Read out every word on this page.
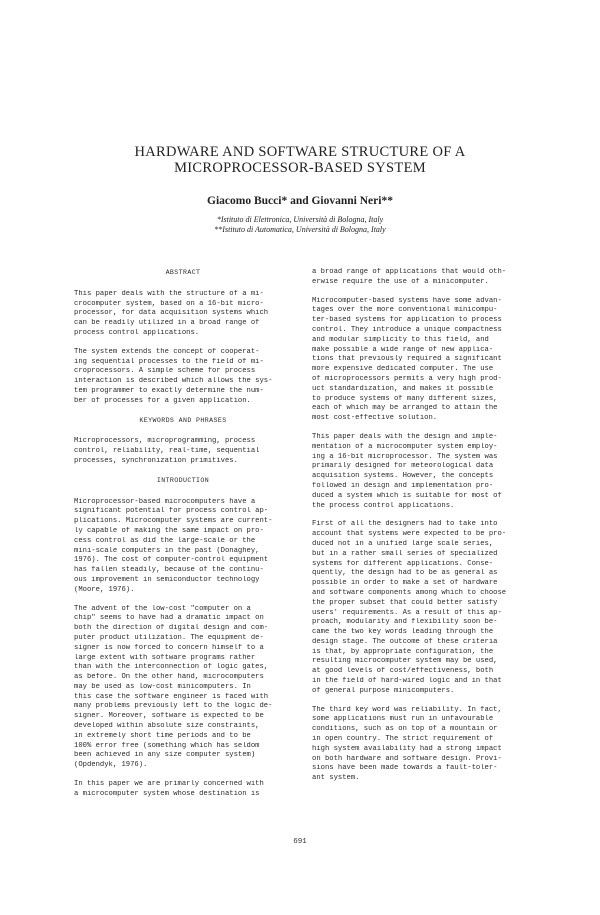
HARDWARE AND SOFTWARE STRUCTURE OF A
MICROPROCESSOR-BASED SYSTEM
Giacomo Bucci* and Giovanni Neri**
*Istituto di Elettronica, Università di Bologna, Italy
**Istituto di Automatica, Università di Bologna, Italy

ABSTRACT

This paper deals with the structure of a mi-
crocomputer system, based on a 16-bit micro-
processor, for data acquisition systems which
can be readily utilized in a broad range of
process control applications.

The system extends the concept of cooperat-
ing sequential processes to the field of mi-
croprocessors. A simple scheme for process
interaction is described which allows the sys-
tem programmer to exactly determine the num-
ber of processes for a given application.

KEYWORDS AND PHRASES

Microprocessors, microprogramming, process
control, reliability, real-time, sequential
processes, synchronization primitives.

INTRODUCTION

Microprocessor-based microcomputers have a
significant potential for process control ap-
plications. Microcomputer systems are current-
ly capable of making the same impact on pro-
cess control as did the large-scale or the
mini-scale computers in the past (Donaghey,
1976). The cost of computer-control equipment
has fallen steadily, because of the continu-
ous improvement in semiconductor technology
(Moore, 1976).

The advent of the low-cost "computer on a
chip" seems to have had a dramatic impact on
both the direction of digital design and com-
puter product utilization. The equipment de-
signer is now forced to concern himself to a
large extent with software programs rather
than with the interconnection of logic gates,
as before. On the other hand, microcomputers
may be used as low-cost minicomputers. In
this case the software engineer is faced with
many problems previously left to the logic de-
signer. Moreover, software is expected to be
developed within absolute size constraints,
in extremely short time periods and to be
100% error free (something which has seldom
been achieved in any size computer system)
(Opdendyk, 1976).

In this paper we are primarly concerned with
a microcomputer system whose destination is

a broad range of applications that would oth-
erwise require the use of a minicomputer.

Microcomputer-based systems have some advan-
tages over the more conventional minicompu-
ter-based systems for application to process
control. They introduce a unique compactness
and modular simplicity to this field, and
make possible a wide range of new applica-
tions that previously required a significant
more expensive dedicated computer. The use
of microprocessors permits a very high prod-
uct standardization, and makes it possible
to produce systems of many different sizes,
each of which may be arranged to attain the
most cost-effective solution.

This paper deals with the design and imple-
mentation of a microcomputer system employ-
ing a 16-bit microprocessor. The system was
primarily designed for meteorological data
acquisition systems. However, the concepts
followed in design and implementation pro-
duced a system which is suitable for most of
the process control applications.

First of all the designers had to take into
account that systems were expected to be pro-
duced not in a unified large scale series,
but in a rather small series of specialized
systems for different applications. Conse-
quently, the design had to be as general as
possible in order to make a set of hardware
and software components among which to choose
the proper subset that could better satisfy
users' requirements. As a result of this ap-
proach, modularity and flexibility soon be-
came the two key words leading through the
design stage. The outcome of these criteria
is that, by appropriate configuration, the
resulting microcomputer system may be used,
at good levels of cost/effectiveness, both
in the field of hard-wired logic and in that
of general purpose minicomputers.

The third key word was reliability. In fact,
some applications must run in unfavourable
conditions, such as on top of a mountain or
in open country. The strict requirement of
high system availability had a strong impact
on both hardware and software design. Provi-
sions have been made towards a fault-toler-
ant system.

691
